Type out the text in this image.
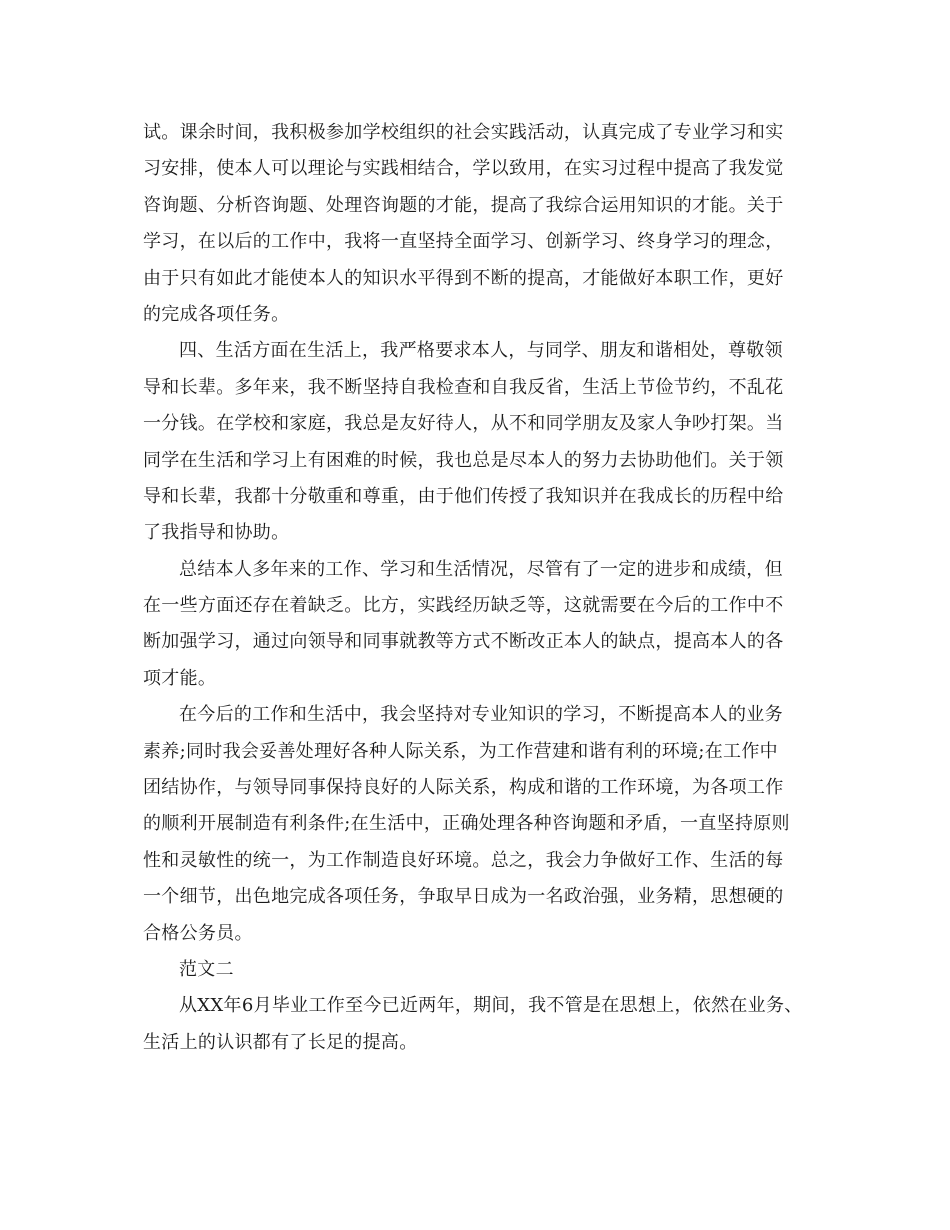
试。课余时间，我积极参加学校组织的社会实践活动，认真完成了专业学习和实
习安排，使本人可以理论与实践相结合，学以致用，在实习过程中提高了我发觉
咨询题、分析咨询题、处理咨询题的才能，提高了我综合运用知识的才能。关于
学习，在以后的工作中，我将一直坚持全面学习、创新学习、终身学习的理念，
由于只有如此才能使本人的知识水平得到不断的提高，才能做好本职工作，更好
的完成各项任务。
四、生活方面在生活上，我严格要求本人，与同学、朋友和谐相处，尊敬领
导和长辈。多年来，我不断坚持自我检查和自我反省，生活上节俭节约，不乱花
一分钱。在学校和家庭，我总是友好待人，从不和同学朋友及家人争吵打架。当
同学在生活和学习上有困难的时候，我也总是尽本人的努力去协助他们。关于领
导和长辈，我都十分敬重和尊重，由于他们传授了我知识并在我成长的历程中给
了我指导和协助。
总结本人多年来的工作、学习和生活情况，尽管有了一定的进步和成绩，但
在一些方面还存在着缺乏。比方，实践经历缺乏等，这就需要在今后的工作中不
断加强学习，通过向领导和同事就教等方式不断改正本人的缺点，提高本人的各
项才能。
在今后的工作和生活中，我会坚持对专业知识的学习，不断提高本人的业务
素养;同时我会妥善处理好各种人际关系，为工作营建和谐有利的环境;在工作中
团结协作，与领导同事保持良好的人际关系，构成和谐的工作环境，为各项工作
的顺利开展制造有利条件;在生活中，正确处理各种咨询题和矛盾，一直坚持原则
性和灵敏性的统一，为工作制造良好环境。总之，我会力争做好工作、生活的每
一个细节，出色地完成各项任务，争取早日成为一名政治强，业务精，思想硬的
合格公务员。
范文二
从XX年6月毕业工作至今已近两年，期间，我不管是在思想上，依然在业务、
生活上的认识都有了长足的提高。
